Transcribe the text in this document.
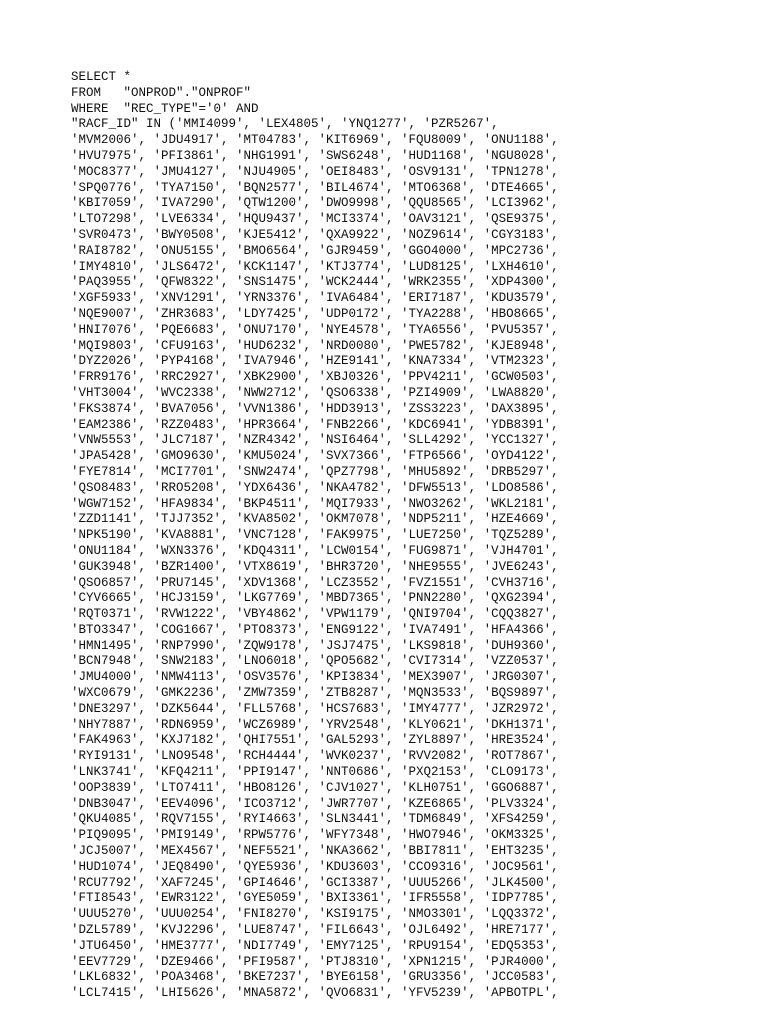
SELECT *
FROM   "ONPROD"."ONPROF"
WHERE  "REC_TYPE"='0' AND
"RACF_ID" IN ('MMI4099', 'LEX4805', 'YNQ1277', 'PZR5267',
'MVM2006', 'JDU4917', 'MT04783', 'KIT6969', 'FQU8009', 'ONU1188',
'HVU7975', 'PFI3861', 'NHG1991', 'SWS6248', 'HUD1168', 'NGU8028',
'MOC8377', 'JMU4127', 'NJU4905', 'OEI8483', 'OSV9131', 'TPN1278',
'SPQ0776', 'TYA7150', 'BQN2577', 'BIL4674', 'MTO6368', 'DTE4665',
'KBI7059', 'IVA7290', 'QTW1200', 'DWO9998', 'QQU8565', 'LCI3962',
'LTO7298', 'LVE6334', 'HQU9437', 'MCI3374', 'OAV3121', 'QSE9375',
'SVR0473', 'BWY0508', 'KJE5412', 'QXA9922', 'NOZ9614', 'CGY3183',
'RAI8782', 'ONU5155', 'BMO6564', 'GJR9459', 'GGO4000', 'MPC2736',
'IMY4810', 'JLS6472', 'KCK1147', 'KTJ3774', 'LUD8125', 'LXH4610',
'PAQ3955', 'QFW8322', 'SNS1475', 'WCK2444', 'WRK2355', 'XDP4300',
'XGF5933', 'XNV1291', 'YRN3376', 'IVA6484', 'ERI7187', 'KDU3579',
'NQE9007', 'ZHR3683', 'LDY7425', 'UDP0172', 'TYA2288', 'HBO8665',
'HNI7076', 'PQE6683', 'ONU7170', 'NYE4578', 'TYA6556', 'PVU5357',
'MQI9803', 'CFU9163', 'HUD6232', 'NRD0080', 'PWE5782', 'KJE8948',
'DYZ2026', 'PYP4168', 'IVA7946', 'HZE9141', 'KNA7334', 'VTM2323',
'FRR9176', 'RRC2927', 'XBK2900', 'XBJ0326', 'PPV4211', 'GCW0503',
'VHT3004', 'WVC2338', 'NWW2712', 'QSO6338', 'PZI4909', 'LWA8820',
'FKS3874', 'BVA7056', 'VVN1386', 'HDD3913', 'ZSS3223', 'DAX3895',
'EAM2386', 'RZZ0483', 'HPR3664', 'FNB2266', 'KDC6941', 'YDB8391',
'VNW5553', 'JLC7187', 'NZR4342', 'NSI6464', 'SLL4292', 'YCC1327',
'JPA5428', 'GMO9630', 'KMU5024', 'SVX7366', 'FTP6566', 'OYD4122',
'FYE7814', 'MCI7701', 'SNW2474', 'QPZ7798', 'MHU5892', 'DRB5297',
'QSO8483', 'RRO5208', 'YDX6436', 'NKA4782', 'DFW5513', 'LDO8586',
'WGW7152', 'HFA9834', 'BKP4511', 'MQI7933', 'NWO3262', 'WKL2181',
'ZZD1141', 'TJJ7352', 'KVA8502', 'OKM7078', 'NDP5211', 'HZE4669',
'NPK5190', 'KVA8881', 'VNC7128', 'FAK9975', 'LUE7250', 'TQZ5289',
'ONU1184', 'WXN3376', 'KDQ4311', 'LCW0154', 'FUG9871', 'VJH4701',
'GUK3948', 'BZR1400', 'VTX8619', 'BHR3720', 'NHE9555', 'JVE6243',
'QSO6857', 'PRU7145', 'XDV1368', 'LCZ3552', 'FVZ1551', 'CVH3716',
'CYV6665', 'HCJ3159', 'LKG7769', 'MBD7365', 'PNN2280', 'QXG2394',
'RQT0371', 'RVW1222', 'VBY4862', 'VPW1179', 'QNI9704', 'CQQ3827',
'BTO3347', 'COG1667', 'PTO8373', 'ENG9122', 'IVA7491', 'HFA4366',
'HMN1495', 'RNP7990', 'ZQW9178', 'JSJ7475', 'LKS9818', 'DUH9360',
'BCN7948', 'SNW2183', 'LNO6018', 'QPO5682', 'CVI7314', 'VZZ0537',
'JMU4000', 'NMW4113', 'OSV3576', 'KPI3834', 'MEX3907', 'JRG0307',
'WXC0679', 'GMK2236', 'ZMW7359', 'ZTB8287', 'MQN3533', 'BQS9897',
'DNE3297', 'DZK5644', 'FLL5768', 'HCS7683', 'IMY4777', 'JZR2972',
'NHY7887', 'RDN6959', 'WCZ6989', 'YRV2548', 'KLY0621', 'DKH1371',
'FAK4963', 'KXJ7182', 'QHI7551', 'GAL5293', 'ZYL8897', 'HRE3524',
'RYI9131', 'LNO9548', 'RCH4444', 'WVK0237', 'RVV2082', 'ROT7867',
'LNK3741', 'KFQ4211', 'PPI9147', 'NNT0686', 'PXQ2153', 'CLO9173',
'OOP3839', 'LTO7411', 'HBO8126', 'CJV1027', 'KLH0751', 'GGO6887',
'DNB3047', 'EEV4096', 'ICO3712', 'JWR7707', 'KZE6865', 'PLV3324',
'QKU4085', 'RQV7155', 'RYI4663', 'SLN3441', 'TDM6849', 'XFS4259',
'PIQ9095', 'PMI9149', 'RPW5776', 'WFY7348', 'HWO7946', 'OKM3325',
'JCJ5007', 'MEX4567', 'NEF5521', 'NKA3662', 'BBI7811', 'EHT3235',
'HUD1074', 'JEQ8490', 'QYE5936', 'KDU3603', 'CCO9316', 'JOC9561',
'RCU7792', 'XAF7245', 'GPI4646', 'GCI3387', 'UUU5266', 'JLK4500',
'FTI8543', 'EWR3122', 'GYE5059', 'BXI3361', 'IFR5558', 'IDP7785',
'UUU5270', 'UUU0254', 'FNI8270', 'KSI9175', 'NMO3301', 'LQQ3372',
'DZL5789', 'KVJ2296', 'LUE8747', 'FIL6643', 'OJL6492', 'HRE7177',
'JTU6450', 'HME3777', 'NDI7749', 'EMY7125', 'RPU9154', 'EDQ5353',
'EEV7729', 'DZE9466', 'PFI9587', 'PTJ8310', 'XPN1215', 'PJR4000',
'LKL6832', 'POA3468', 'BKE7237', 'BYE6158', 'GRU3356', 'JCC0583',
'LCL7415', 'LHI5626', 'MNA5872', 'QVO6831', 'YFV5239', 'APBOTPL',
